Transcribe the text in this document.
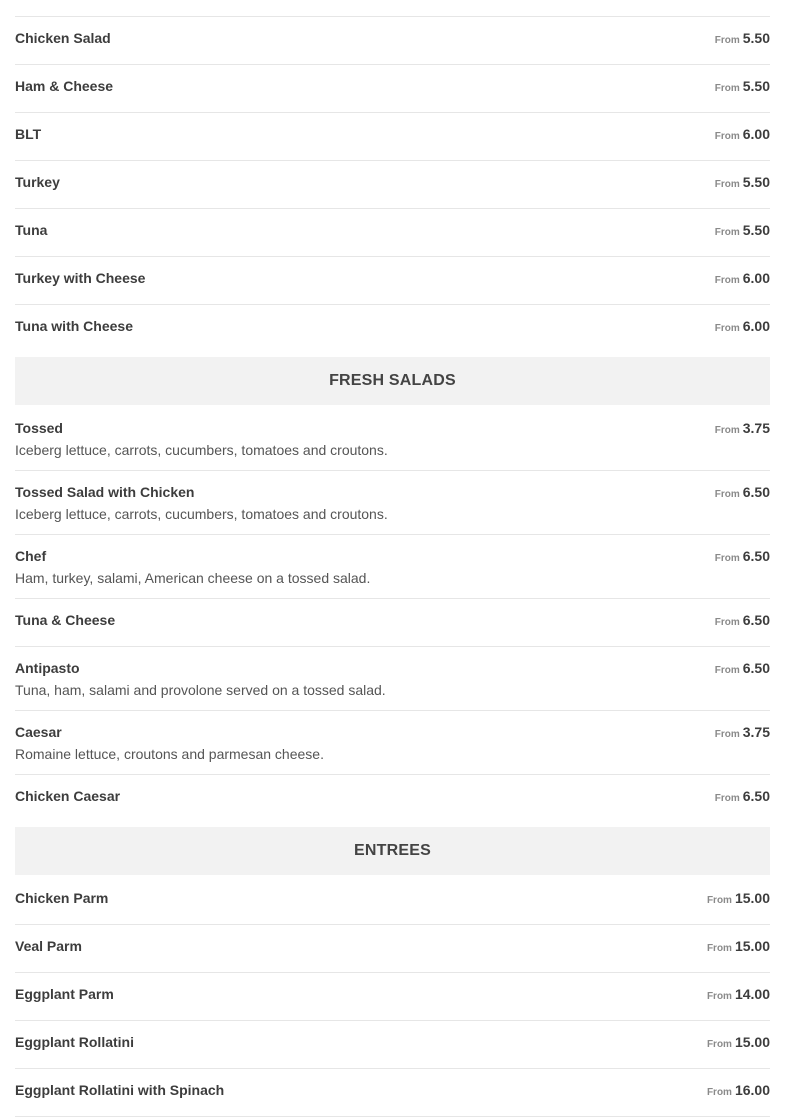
Chicken Salad	From 5.50
Ham & Cheese	From 5.50
BLT	From 6.00
Turkey	From 5.50
Tuna	From 5.50
Turkey with Cheese	From 6.00
Tuna with Cheese	From 6.00
FRESH SALADS
Tossed	From 3.75
Iceberg lettuce, carrots, cucumbers, tomatoes and croutons.
Tossed Salad with Chicken	From 6.50
Iceberg lettuce, carrots, cucumbers, tomatoes and croutons.
Chef	From 6.50
Ham, turkey, salami, American cheese on a tossed salad.
Tuna & Cheese	From 6.50
Antipasto	From 6.50
Tuna, ham, salami and provolone served on a tossed salad.
Caesar	From 3.75
Romaine lettuce, croutons and parmesan cheese.
Chicken Caesar	From 6.50
ENTREES
Chicken Parm	From 15.00
Veal Parm	From 15.00
Eggplant Parm	From 14.00
Eggplant Rollatini	From 15.00
Eggplant Rollatini with Spinach	From 16.00
